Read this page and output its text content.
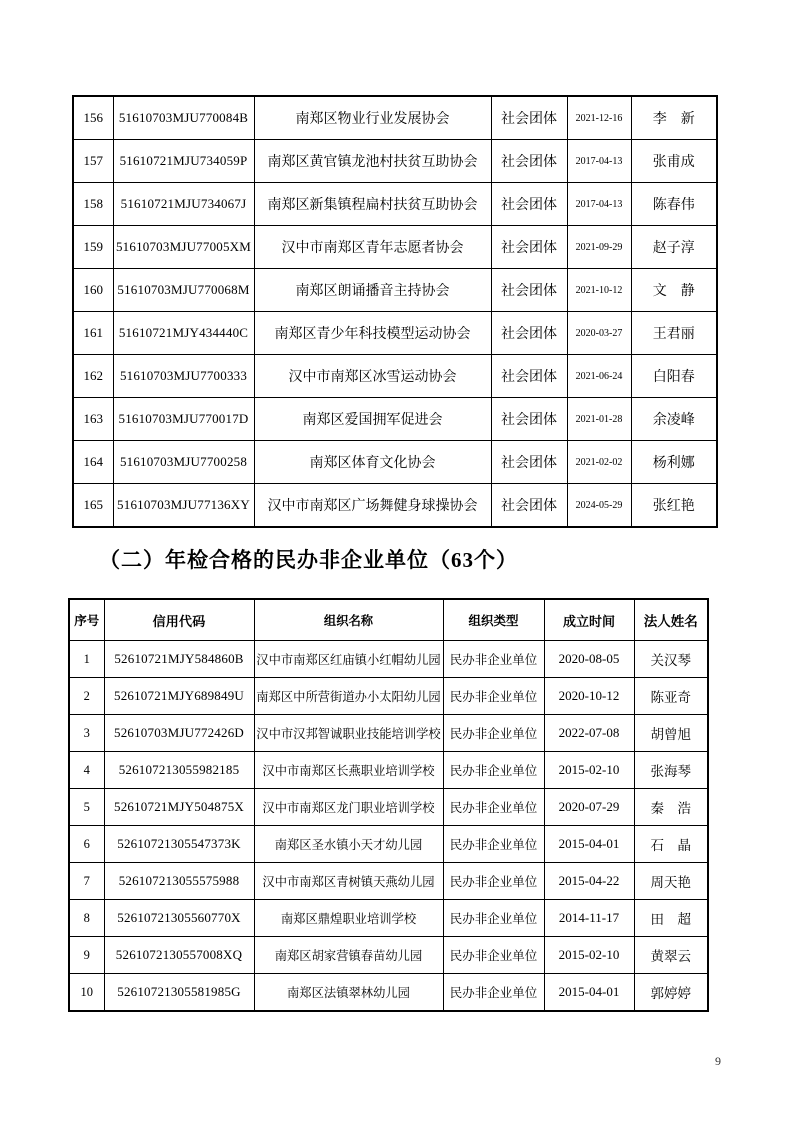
156	51610703MJU770084B	南郑区物业行业发展协会	社会团体	2021-12-16	李　新
157	51610721MJU734059P	南郑区黄官镇龙池村扶贫互助协会	社会团体	2017-04-13	张甫成
158	51610721MJU734067J	南郑区新集镇程扁村扶贫互助协会	社会团体	2017-04-13	陈春伟
159	51610703MJU77005XM	汉中市南郑区青年志愿者协会	社会团体	2021-09-29	赵子淳
160	51610703MJU770068M	南郑区朗诵播音主持协会	社会团体	2021-10-12	文　静
161	51610721MJY434440C	南郑区青少年科技模型运动协会	社会团体	2020-03-27	王君丽
162	51610703MJU7700333	汉中市南郑区冰雪运动协会	社会团体	2021-06-24	白阳春
163	51610703MJU770017D	南郑区爱国拥军促进会	社会团体	2021-01-28	余凌峰
164	51610703MJU7700258	南郑区体育文化协会	社会团体	2021-02-02	杨利娜
165	51610703MJU77136XY	汉中市南郑区广场舞健身球操协会	社会团体	2024-05-29	张红艳
（二）年检合格的民办非企业单位（63个）
序号	信用代码	组织名称	组织类型	成立时间	法人姓名
1	52610721MJY584860B	汉中市南郑区红庙镇小红帽幼儿园	民办非企业单位	2020-08-05	关汉琴
2	52610721MJY689849U	南郑区中所营街道办小太阳幼儿园	民办非企业单位	2020-10-12	陈亚奇
3	52610703MJU772426D	汉中市汉邦智诚职业技能培训学校	民办非企业单位	2022-07-08	胡曾旭
4	526107213055982185	汉中市南郑区长燕职业培训学校	民办非企业单位	2015-02-10	张海琴
5	52610721MJY504875X	汉中市南郑区龙门职业培训学校	民办非企业单位	2020-07-29	秦　浩
6	52610721305547373K	南郑区圣水镇小天才幼儿园	民办非企业单位	2015-04-01	石　晶
7	526107213055575988	汉中市南郑区青树镇天燕幼儿园	民办非企业单位	2015-04-22	周天艳
8	52610721305560770X	南郑区鼎煌职业培训学校	民办非企业单位	2014-11-17	田　超
9	5261072130557008XQ	南郑区胡家营镇春苗幼儿园	民办非企业单位	2015-02-10	黄翠云
10	52610721305581985G	南郑区法镇翠林幼儿园	民办非企业单位	2015-04-01	郭婷婷
9
